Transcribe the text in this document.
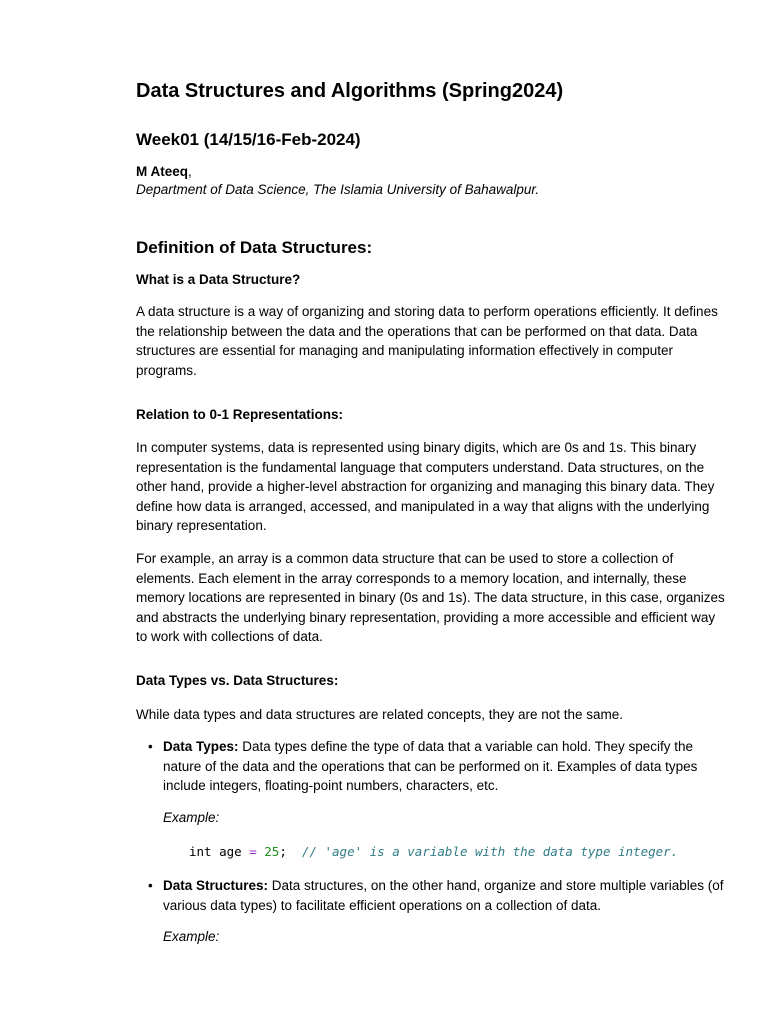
Data Structures and Algorithms (Spring2024)
Week01 (14/15/16-Feb-2024)
M Ateeq,
Department of Data Science, The Islamia University of Bahawalpur.
Definition of Data Structures:
What is a Data Structure?

A data structure is a way of organizing and storing data to perform operations efficiently. It defines the relationship between the data and the operations that can be performed on that data. Data structures are essential for managing and manipulating information effectively in computer programs.

Relation to 0-1 Representations:

In computer systems, data is represented using binary digits, which are 0s and 1s. This binary representation is the fundamental language that computers understand. Data structures, on the other hand, provide a higher-level abstraction for organizing and managing this binary data. They define how data is arranged, accessed, and manipulated in a way that aligns with the underlying binary representation.

For example, an array is a common data structure that can be used to store a collection of elements. Each element in the array corresponds to a memory location, and internally, these memory locations are represented in binary (0s and 1s). The data structure, in this case, organizes and abstracts the underlying binary representation, providing a more accessible and efficient way to work with collections of data.

Data Types vs. Data Structures:

While data types and data structures are related concepts, they are not the same.

• Data Types: Data types define the type of data that a variable can hold. They specify the nature of the data and the operations that can be performed on it. Examples of data types include integers, floating-point numbers, characters, etc.
Example:
int age = 25;  // 'age' is a variable with the data type integer.
• Data Structures: Data structures, on the other hand, organize and store multiple variables (of various data types) to facilitate efficient operations on a collection of data.
Example:
